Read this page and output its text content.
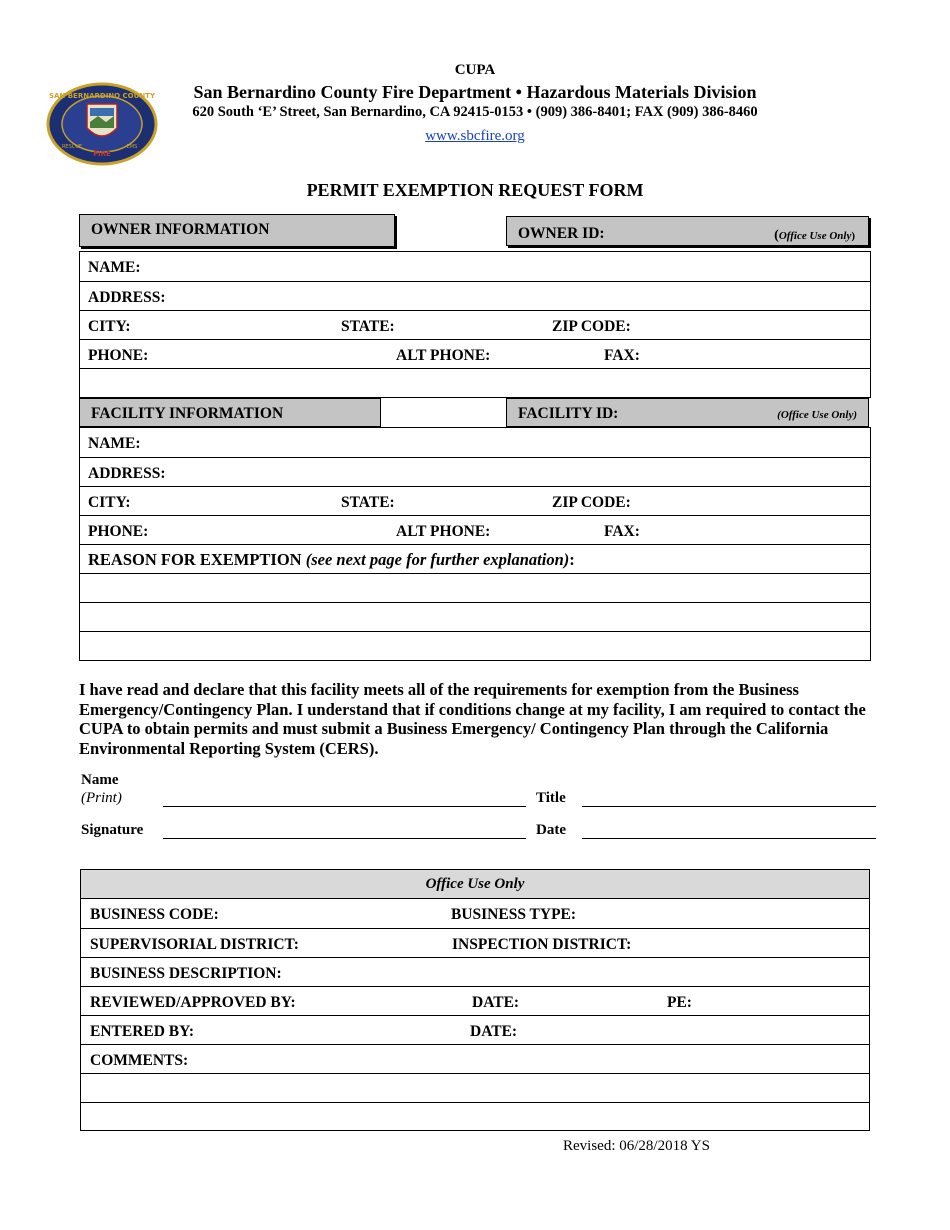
SAN BERNARDINO COUNTY
RESCUE
FIRE
EMS
CUPA
San Bernardino County Fire Department • Hazardous Materials Division
620 South ‘E’ Street, San Bernardino, CA 92415-0153 • (909) 386-8401; FAX (909) 386-8460
www.sbcfire.org
PERMIT EXEMPTION REQUEST FORM
OWNER INFORMATION	OWNER ID:	(Office Use Only)
NAME:
ADDRESS:
CITY:	STATE:	ZIP CODE:
PHONE:	ALT PHONE:	FAX:
FACILITY INFORMATION	FACILITY ID:	(Office Use Only)
NAME:
ADDRESS:
CITY:	STATE:	ZIP CODE:
PHONE:	ALT PHONE:	FAX:
REASON FOR EXEMPTION (see next page for further explanation):
I have read and declare that this facility meets all of the requirements for exemption from the Business Emergency/Contingency Plan. I understand that if conditions change at my facility, I am required to contact the CUPA to obtain permits and must submit a Business Emergency/ Contingency Plan through the California Environmental Reporting System (CERS).
Name
(Print)	Title
Signature	Date
Office Use Only
BUSINESS CODE:	BUSINESS TYPE:
SUPERVISORIAL DISTRICT:	INSPECTION DISTRICT:
BUSINESS DESCRIPTION:
REVIEWED/APPROVED BY:	DATE:	PE:
ENTERED BY:	DATE:
COMMENTS:
Revised: 06/28/2018 YS
